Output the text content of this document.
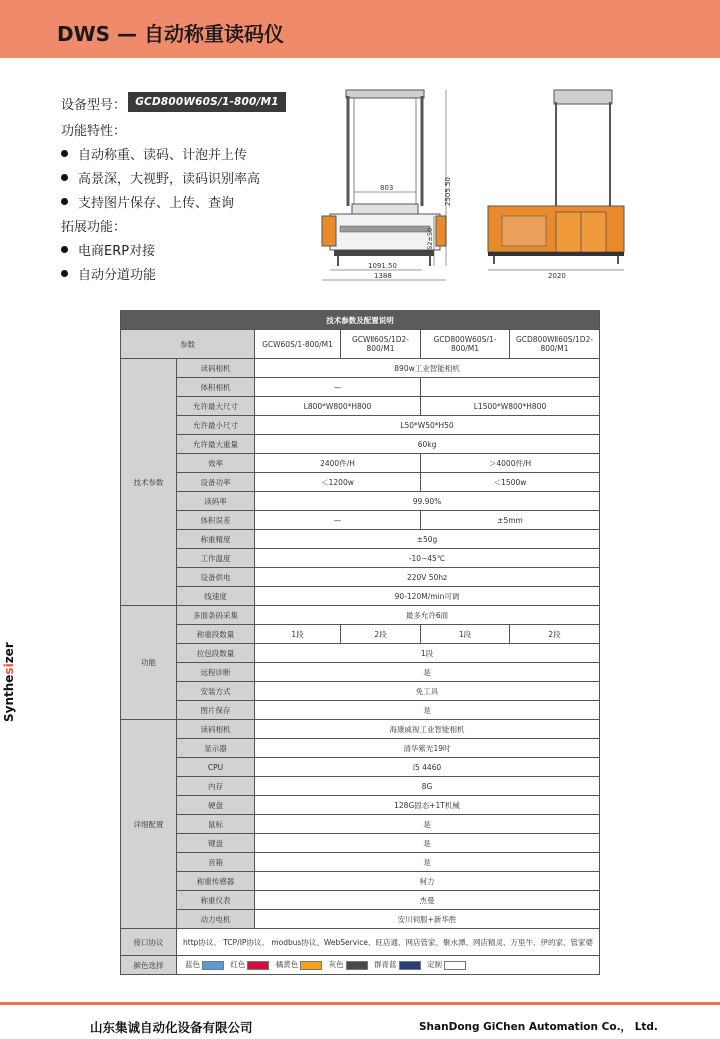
DWS — 自动称重读码仪
Synthesizer
设备型号： GCD800W60S/1-800/M1
功能特性：
自动称重、读码、计泡并上传
高景深，大视野，读码识别率高
支持图片保存、上传、查询
拓展功能：
电商ERP对接
自动分道功能
803	2505.50
752±50
1091.50
1388	2020
技术参数及配置说明					
参数		GCW60S/1-800/M1	GCWⅡ60S/1D2-800/M1	GCD800W60S/1-800/M1	GCD800WⅡ60S/1D2-800/M1
技术参数	读码相机	890w工业智能相机			
	体积相机	—			
	允许最大尺寸	L800*W800*H800		L1500*W800*H800	
	允许最小尺寸	L50*W50*H50			
	允许最大重量	60kg			
	效率	2400件/H		＞4000件/H	
	设备功率	＜1200w		＜1500w	
	读码率	99.90%			
	体积误差	—		±5mm	
	称重精度	±50g			
	工作温度	-10~45℃			
	设备供电	220V 50hz			
	线速度	90-120M/min可调			
功能	多面条码采集	最多允许6面			
	称重段数量	1段	2段	1段	2段
	拉包段数量	1段			
	远程诊断	是			
	安装方式	免工具			
	图片保存	是			
详细配置	读码相机	海康威视工业智能相机			
	显示器	清华紫光19吋			
	CPU	i5 4460			
	内存	8G			
	硬盘	128G固态+1T机械			
	鼠标	是			
	键盘	是			
	音箱	是			
	称重传感器	柯力			
	称重仪表	杰曼			
	动力电机	安川伺服+新华胜			
接口协议	http协议、 TCP/IP协议、 modbus协议、WebService、旺店通、网店管家、聚水潭、网店精灵、万里牛、伊的家、管家婆				
颜色选择	蓝色 红色 橘黄色 灰色 群青蓝 定制				
山东集诚自动化设备有限公司	ShanDong GiChen Automation Co.， Ltd.
